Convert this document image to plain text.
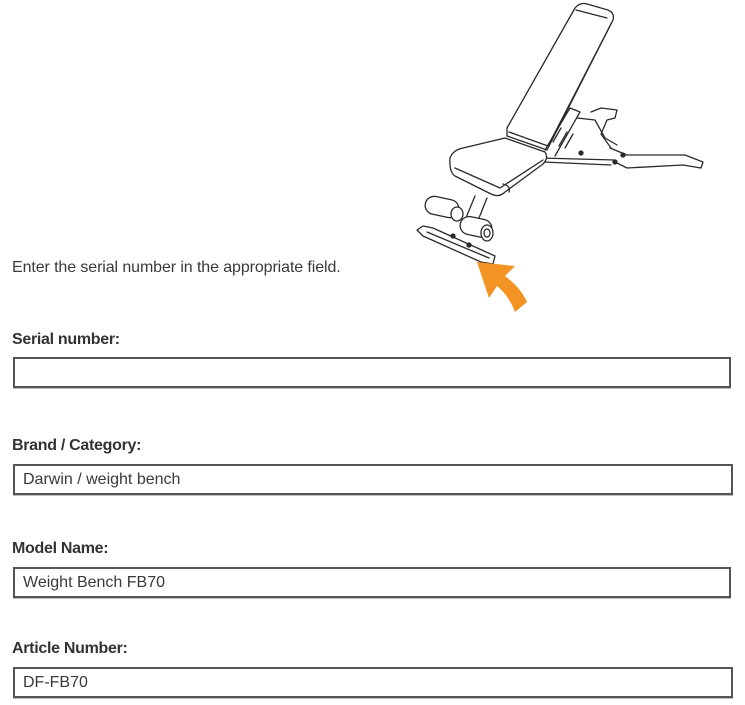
Enter the serial number in the appropriate field.
Serial number:
Brand / Category:
Darwin / weight bench
Model Name:
Weight Bench FB70
Article Number:
DF-FB70
